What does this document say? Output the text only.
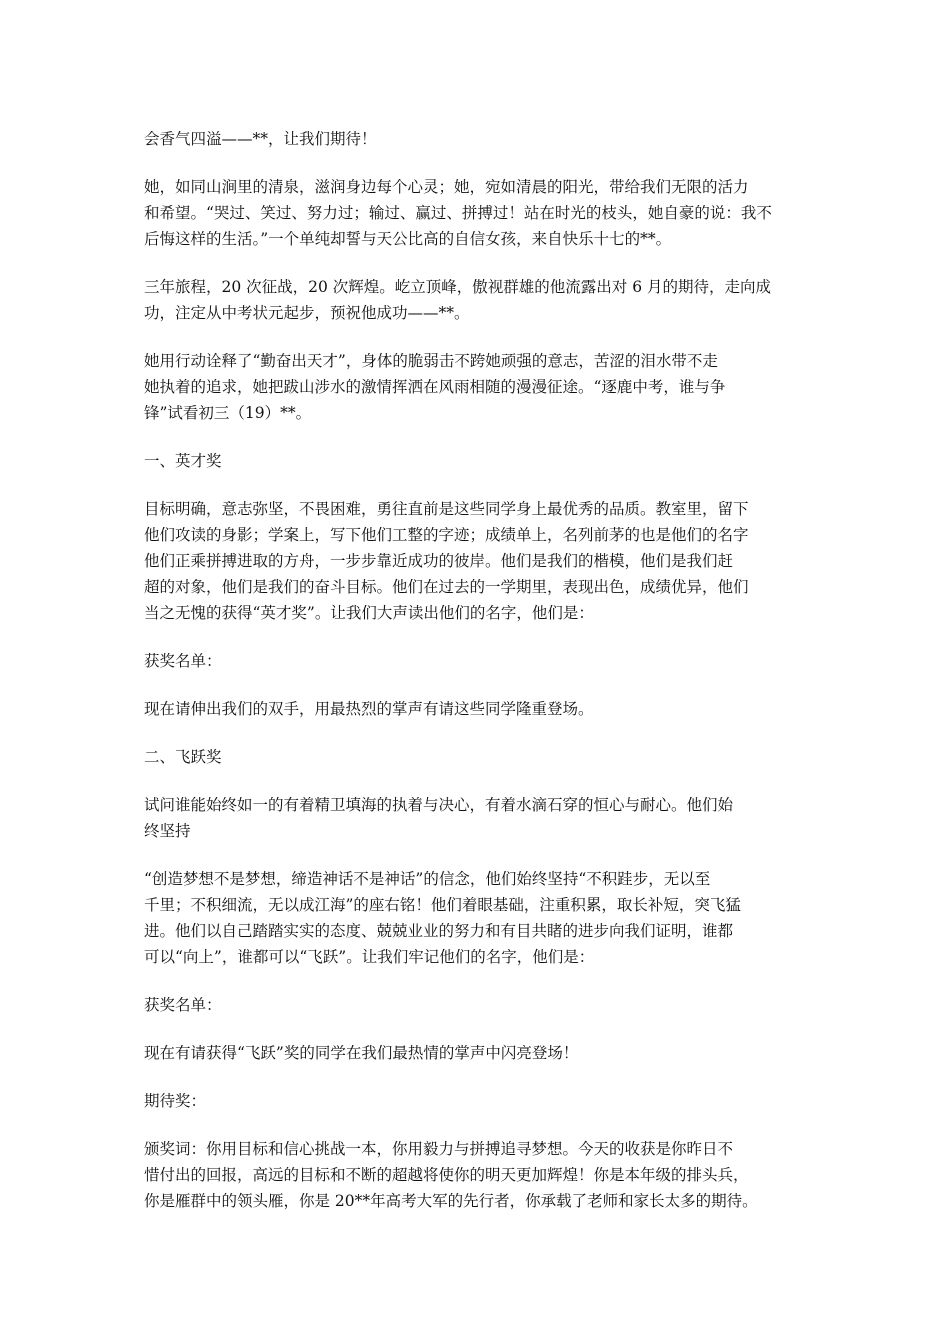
会香气四溢——**，让我们期待！
她，如同山涧里的清泉，滋润身边每个心灵；她，宛如清晨的阳光，带给我们无限的活力
和希望。“哭过、笑过、努力过；输过、赢过、拼搏过！站在时光的枝头，她自豪的说：我不
后悔这样的生活。”一个单纯却誓与天公比高的自信女孩，来自快乐十七的**。
三年旅程，20 次征战，20 次辉煌。屹立顶峰，傲视群雄的他流露出对 6 月的期待，走向成
功，注定从中考状元起步，预祝他成功——**。
她用行动诠释了“勤奋出天才”，身体的脆弱击不跨她顽强的意志，苦涩的泪水带不走
她执着的追求，她把跋山涉水的激情挥洒在风雨相随的漫漫征途。“逐鹿中考，谁与争
锋”试看初三（19）**。
一、英才奖
目标明确，意志弥坚，不畏困难，勇往直前是这些同学身上最优秀的品质。教室里，留下
他们攻读的身影；学案上，写下他们工整的字迹；成绩单上，名列前茅的也是他们的名字
他们正乘拼搏进取的方舟，一步步靠近成功的彼岸。他们是我们的楷模，他们是我们赶
超的对象，他们是我们的奋斗目标。他们在过去的一学期里，表现出色，成绩优异，他们
当之无愧的获得“英才奖”。让我们大声读出他们的名字，他们是：
获奖名单：
现在请伸出我们的双手，用最热烈的掌声有请这些同学隆重登场。
二、飞跃奖
试问谁能始终如一的有着精卫填海的执着与决心，有着水滴石穿的恒心与耐心。他们始
终坚持
“创造梦想不是梦想，缔造神话不是神话”的信念，他们始终坚持“不积跬步，无以至
千里；不积细流，无以成江海”的座右铭！他们着眼基础，注重积累，取长补短，突飞猛
进。他们以自己踏踏实实的态度、兢兢业业的努力和有目共睹的进步向我们证明，谁都
可以“向上”，谁都可以“飞跃”。让我们牢记他们的名字，他们是：
获奖名单：
现在有请获得“飞跃”奖的同学在我们最热情的掌声中闪亮登场！
期待奖：
颁奖词：你用目标和信心挑战一本，你用毅力与拼搏追寻梦想。今天的收获是你昨日不
惜付出的回报，高远的目标和不断的超越将使你的明天更加辉煌！你是本年级的排头兵，
你是雁群中的领头雁，你是 20**年高考大军的先行者，你承载了老师和家长太多的期待。
